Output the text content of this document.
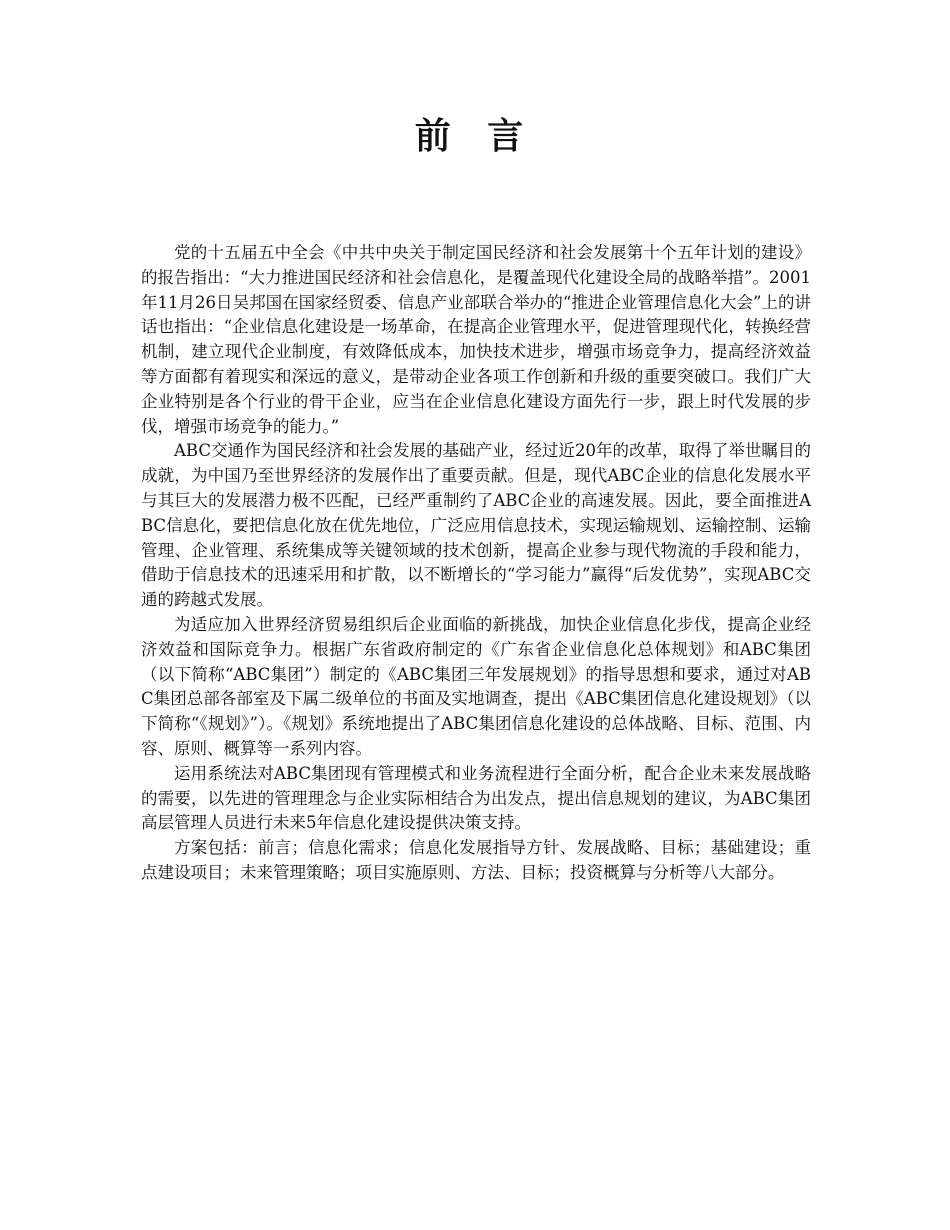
前 言

党的十五届五中全会《中共中央关于制定国民经济和社会发展第十个五年计划的建设》的报告指出：“大力推进国民经济和社会信息化，是覆盖现代化建设全局的战略举措”。2001年11月26日吴邦国在国家经贸委、信息产业部联合举办的“推进企业管理信息化大会”上的讲话也指出：“企业信息化建设是一场革命，在提高企业管理水平，促进管理现代化，转换经营机制，建立现代企业制度，有效降低成本，加快技术进步，增强市场竞争力，提高经济效益等方面都有着现实和深远的意义，是带动企业各项工作创新和升级的重要突破口。我们广大企业特别是各个行业的骨干企业，应当在企业信息化建设方面先行一步，跟上时代发展的步伐，增强市场竞争的能力。”

ABC交通作为国民经济和社会发展的基础产业，经过近20年的改革，取得了举世瞩目的成就，为中国乃至世界经济的发展作出了重要贡献。但是，现代ABC企业的信息化发展水平与其巨大的发展潜力极不匹配，已经严重制约了ABC企业的高速发展。因此，要全面推进ABC信息化，要把信息化放在优先地位，广泛应用信息技术，实现运输规划、运输控制、运输管理、企业管理、系统集成等关键领域的技术创新，提高企业参与现代物流的手段和能力，借助于信息技术的迅速采用和扩散，以不断增长的“学习能力”赢得“后发优势”，实现ABC交通的跨越式发展。

为适应加入世界经济贸易组织后企业面临的新挑战，加快企业信息化步伐，提高企业经济效益和国际竞争力。根据广东省政府制定的《广东省企业信息化总体规划》和ABC集团（以下简称“ABC集团”）制定的《ABC集团三年发展规划》的指导思想和要求，通过对ABC集团总部各部室及下属二级单位的书面及实地调查，提出《ABC集团信息化建设规划》（以下简称“《规划》”）。《规划》系统地提出了ABC集团信息化建设的总体战略、目标、范围、内容、原则、概算等一系列内容。

运用系统法对ABC集团现有管理模式和业务流程进行全面分析，配合企业未来发展战略的需要，以先进的管理理念与企业实际相结合为出发点，提出信息规划的建议，为ABC集团高层管理人员进行未来5年信息化建设提供决策支持。

方案包括：前言；信息化需求；信息化发展指导方针、发展战略、目标；基础建设；重点建设项目；未来管理策略；项目实施原则、方法、目标；投资概算与分析等八大部分。
